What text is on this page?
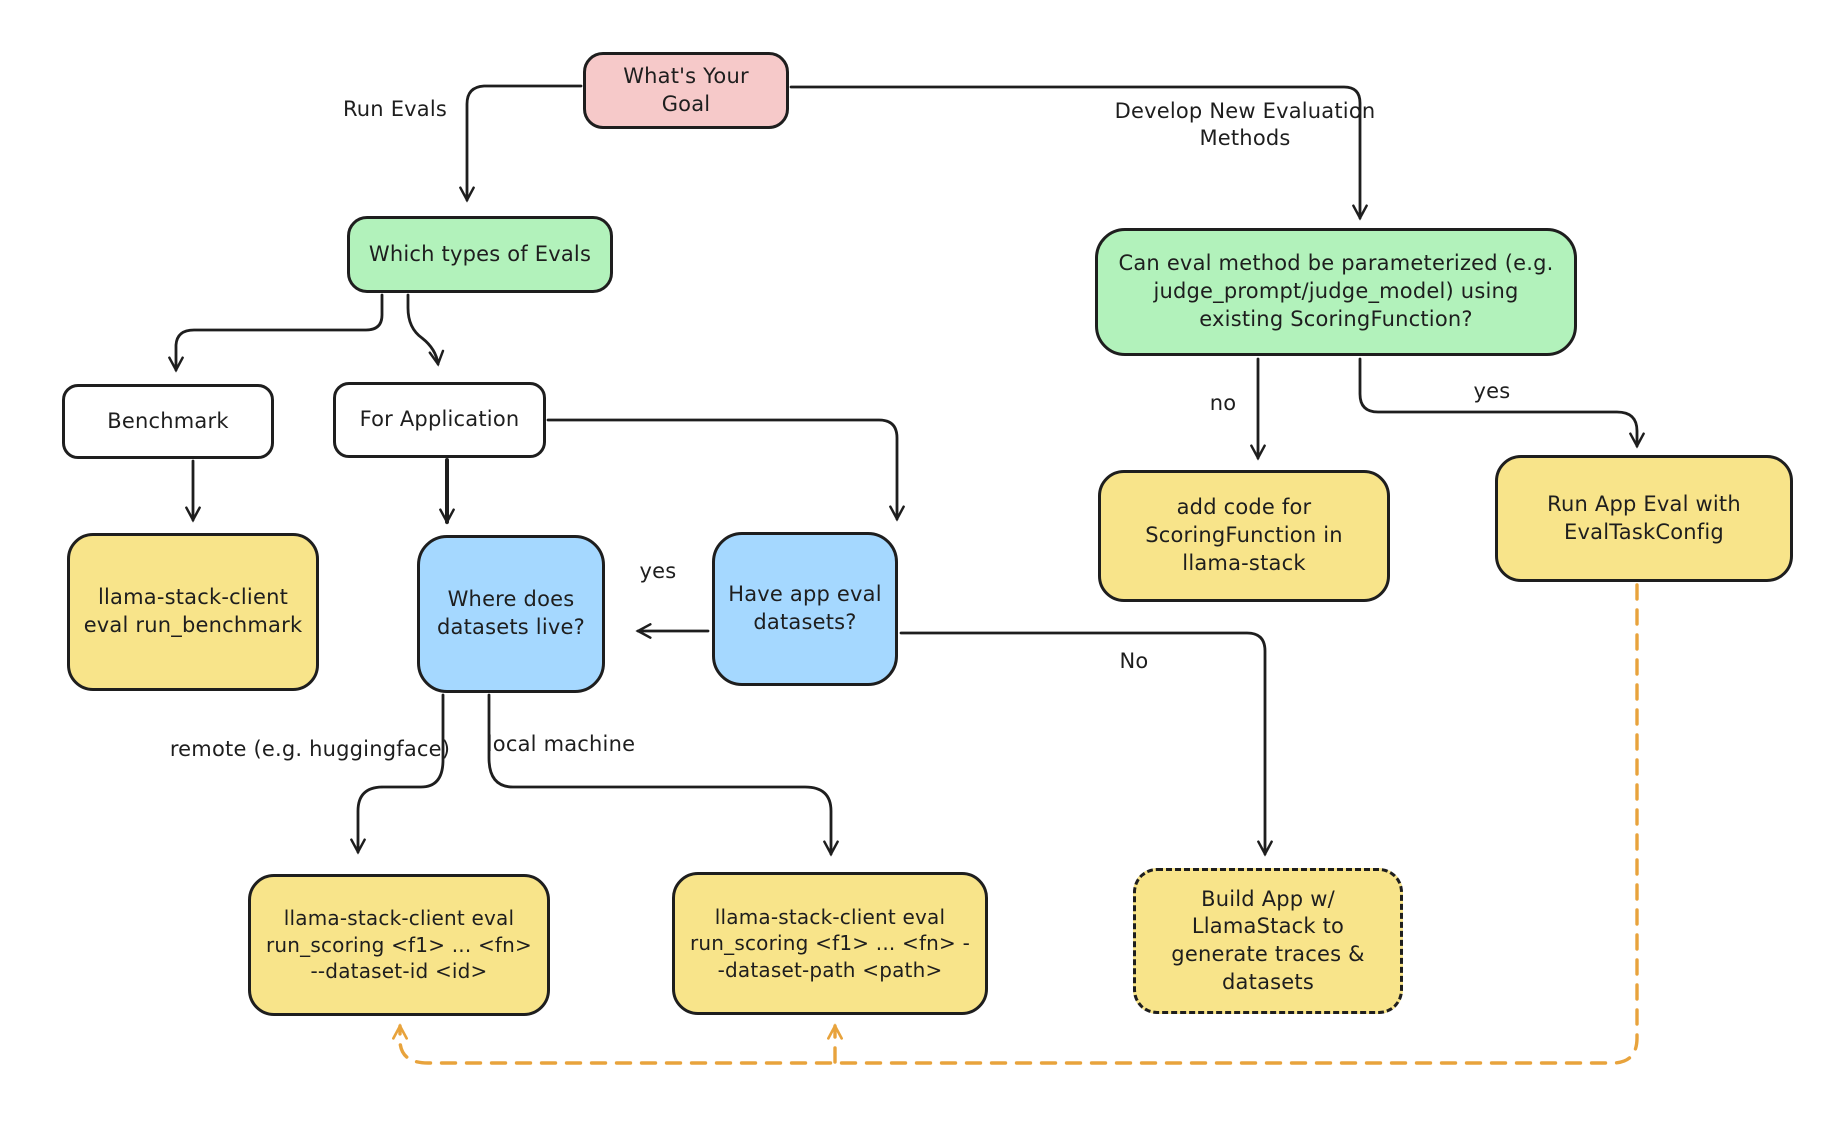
What's Your Goal
Which types of Evals
Benchmark	For Application
llama-stack-client eval run_benchmark
Where does datasets live?
Have app eval datasets?
Can eval method be parameterized (e.g. judge_prompt/judge_model) using existing ScoringFunction?
add code for ScoringFunction in llama-stack
Run App Eval with EvalTaskConfig
llama-stack-client eval run_scoring <f1> ... <fn> --dataset-id <id>
llama-stack-client eval run_scoring <f1> ... <fn> --dataset-path <path>
Build App w/ LlamaStack to generate traces & datasets
Run Evals	Develop New Evaluation Methods
no	yes
yes
No
remote (e.g. huggingface)	local machine
